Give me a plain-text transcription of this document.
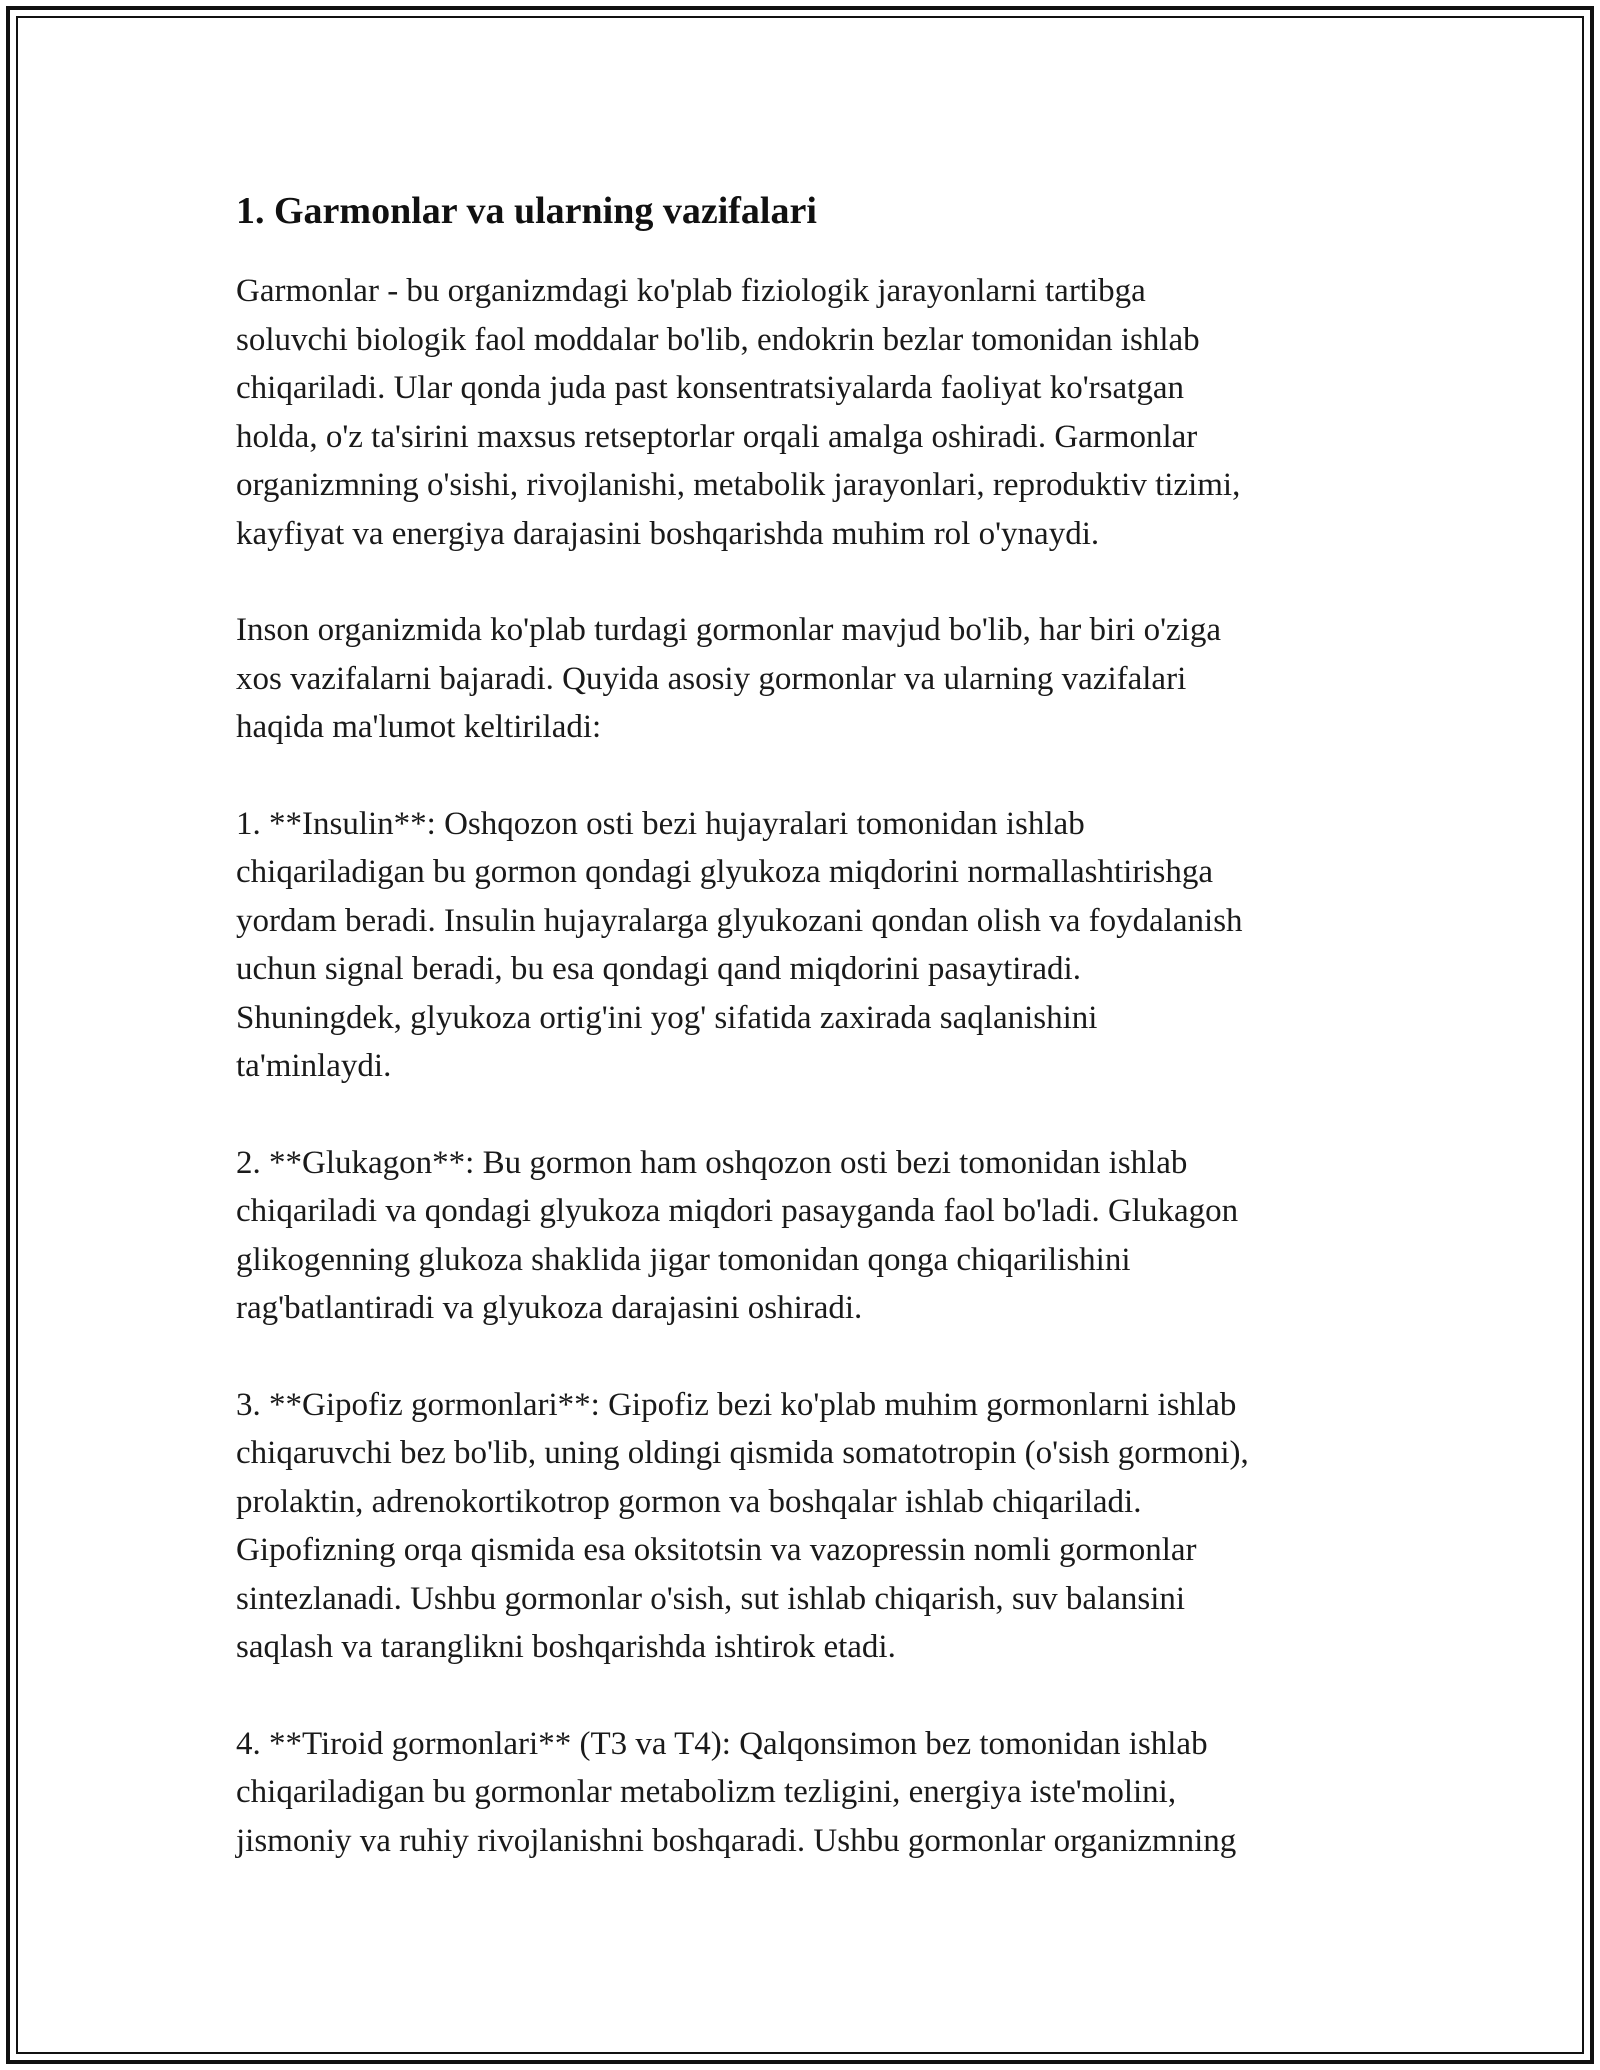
1. Garmonlar va ularning vazifalari

Garmonlar - bu organizmdagi ko'plab fiziologik jarayonlarni tartibga
soluvchi biologik faol moddalar bo'lib, endokrin bezlar tomonidan ishlab
chiqariladi. Ular qonda juda past konsentratsiyalarda faoliyat ko'rsatgan
holda, o'z ta'sirini maxsus retseptorlar orqali amalga oshiradi. Garmonlar
organizmning o'sishi, rivojlanishi, metabolik jarayonlari, reproduktiv tizimi,
kayfiyat va energiya darajasini boshqarishda muhim rol o'ynaydi.

Inson organizmida ko'plab turdagi gormonlar mavjud bo'lib, har biri o'ziga
xos vazifalarni bajaradi. Quyida asosiy gormonlar va ularning vazifalari
haqida ma'lumot keltiriladi:

1. **Insulin**: Oshqozon osti bezi hujayralari tomonidan ishlab
chiqariladigan bu gormon qondagi glyukoza miqdorini normallashtirishga
yordam beradi. Insulin hujayralarga glyukozani qondan olish va foydalanish
uchun signal beradi, bu esa qondagi qand miqdorini pasaytiradi.
Shuningdek, glyukoza ortig'ini yog' sifatida zaxirada saqlanishini
ta'minlaydi.

2. **Glukagon**: Bu gormon ham oshqozon osti bezi tomonidan ishlab
chiqariladi va qondagi glyukoza miqdori pasayganda faol bo'ladi. Glukagon
glikogenning glukoza shaklida jigar tomonidan qonga chiqarilishini
rag'batlantiradi va glyukoza darajasini oshiradi.

3. **Gipofiz gormonlari**: Gipofiz bezi ko'plab muhim gormonlarni ishlab
chiqaruvchi bez bo'lib, uning oldingi qismida somatotropin (o'sish gormoni),
prolaktin, adrenokortikotrop gormon va boshqalar ishlab chiqariladi.
Gipofizning orqa qismida esa oksitotsin va vazopressin nomli gormonlar
sintezlanadi. Ushbu gormonlar o'sish, sut ishlab chiqarish, suv balansini
saqlash va taranglikni boshqarishda ishtirok etadi.

4. **Tiroid gormonlari** (T3 va T4): Qalqonsimon bez tomonidan ishlab
chiqariladigan bu gormonlar metabolizm tezligini, energiya iste'molini,
jismoniy va ruhiy rivojlanishni boshqaradi. Ushbu gormonlar organizmning
